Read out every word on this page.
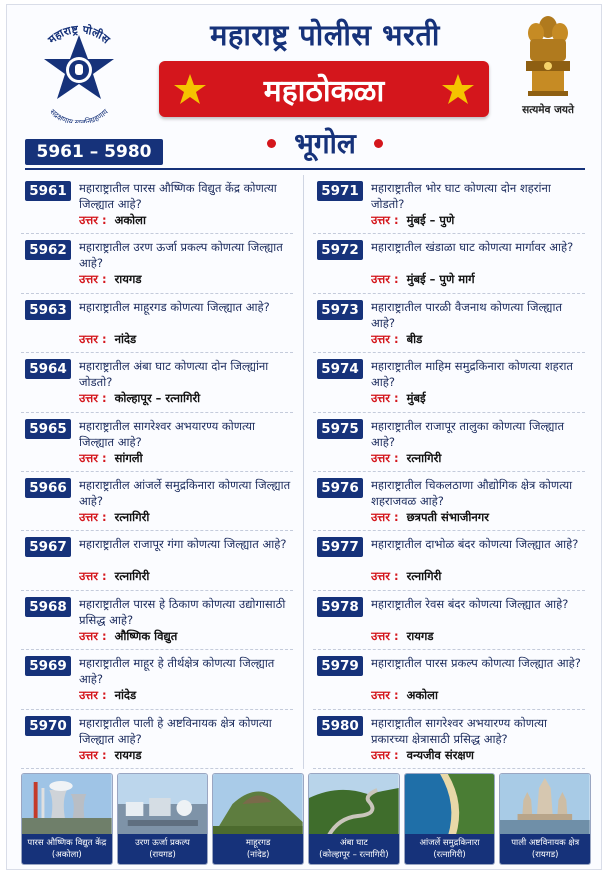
महाराष्ट्र पोलीस
सद्रक्षणाय खलनिग्रहणाय
महाराष्ट्र पोलीस भरती
महाठोकळा
भूगोल
सत्यमेव जयते
5961 – 5980
5961	महाराष्ट्रातील पारस औष्णिक विद्युत केंद्र कोणत्या जिल्ह्यात आहे?
उत्तर : अकोला
5962	महाराष्ट्रातील उरण ऊर्जा प्रकल्प कोणत्या जिल्ह्यात आहे?
उत्तर : रायगड
5963	महाराष्ट्रातील माहूरगड कोणत्या जिल्ह्यात आहे?
उत्तर : नांदेड
5964	महाराष्ट्रातील अंबा घाट कोणत्या दोन जिल्ह्यांना जोडतो?
उत्तर : कोल्हापूर – रत्नागिरी
5965	महाराष्ट्रातील सागरेश्वर अभयारण्य कोणत्या जिल्ह्यात आहे?
उत्तर : सांगली
5966	महाराष्ट्रातील आंजर्ले समुद्रकिनारा कोणत्या जिल्ह्यात आहे?
उत्तर : रत्नागिरी
5967	महाराष्ट्रातील राजापूर गंगा कोणत्या जिल्ह्यात आहे?
उत्तर : रत्नागिरी
5968	महाराष्ट्रातील पारस हे ठिकाण कोणत्या उद्योगासाठी प्रसिद्ध आहे?
उत्तर : औष्णिक विद्युत
5969	महाराष्ट्रातील माहूर हे तीर्थक्षेत्र कोणत्या जिल्ह्यात आहे?
उत्तर : नांदेड
5970	महाराष्ट्रातील पाली हे अष्टविनायक क्षेत्र कोणत्या जिल्ह्यात आहे?
उत्तर : रायगड
5971	महाराष्ट्रातील भोर घाट कोणत्या दोन शहरांना जोडतो?
उत्तर : मुंबई – पुणे
5972	महाराष्ट्रातील खंडाळा घाट कोणत्या मार्गावर आहे?
उत्तर : मुंबई – पुणे मार्ग
5973	महाराष्ट्रातील पारळी वैजनाथ कोणत्या जिल्ह्यात आहे?
उत्तर : बीड
5974	महाराष्ट्रातील माहिम समुद्रकिनारा कोणत्या शहरात आहे?
उत्तर : मुंबई
5975	महाराष्ट्रातील राजापूर तालुका कोणत्या जिल्ह्यात आहे?
उत्तर : रत्नागिरी
5976	महाराष्ट्रातील चिकलठाणा औद्योगिक क्षेत्र कोणत्या शहराजवळ आहे?
उत्तर : छत्रपती संभाजीनगर
5977	महाराष्ट्रातील दाभोळ बंदर कोणत्या जिल्ह्यात आहे?
उत्तर : रत्नागिरी
5978	महाराष्ट्रातील रेवस बंदर कोणत्या जिल्ह्यात आहे?
उत्तर : रायगड
5979	महाराष्ट्रातील पारस प्रकल्प कोणत्या जिल्ह्यात आहे?
उत्तर : अकोला
5980	महाराष्ट्रातील सागरेश्वर अभयारण्य कोणत्या प्रकारच्या क्षेत्रासाठी प्रसिद्ध आहे?
उत्तर : वन्यजीव संरक्षण
पारस औष्णिक विद्युत केंद्र
(अकोला)
उरण ऊर्जा प्रकल्प
(रायगड)
माहूरगड
(नांदेड)
अंबा घाट
(कोल्हापूर – रत्नागिरी)
आंजर्ले समुद्रकिनारा
(रत्नागिरी)
पाली अष्टविनायक क्षेत्र
(रायगड)
